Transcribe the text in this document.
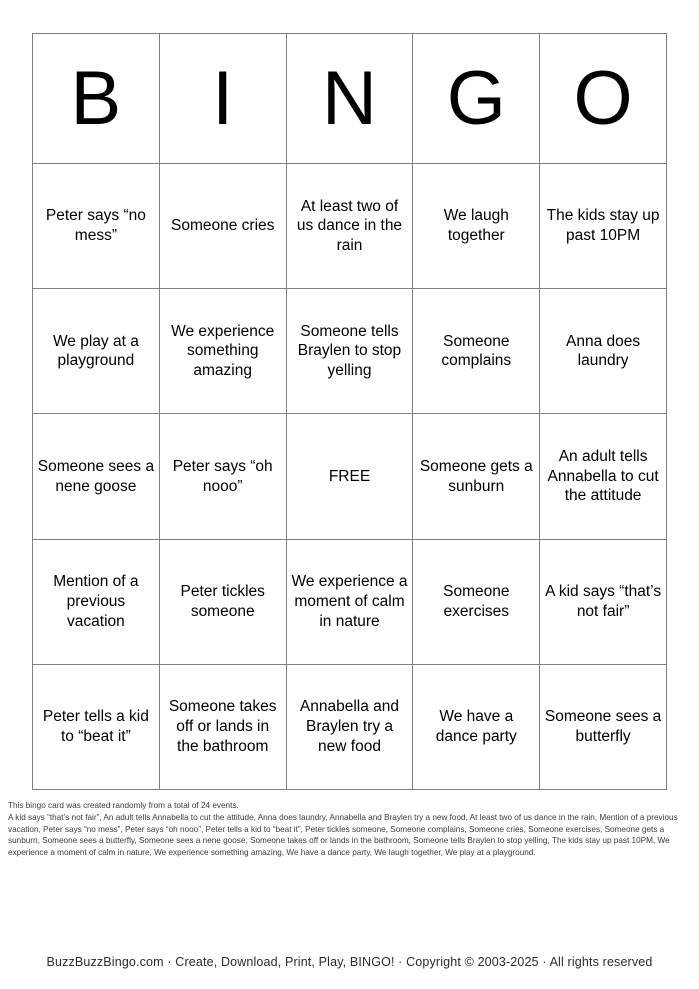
B	I	N	G	O
Peter says “no mess”	Someone cries	At least two of us dance in the rain	We laugh together	The kids stay up past 10PM
We play at a playground	We experience something amazing	Someone tells Braylen to stop yelling	Someone complains	Anna does laundry
Someone sees a nene goose	Peter says “oh nooo”	FREE	Someone gets a sunburn	An adult tells Annabella to cut the attitude
Mention of a previous vacation	Peter tickles someone	We experience a moment of calm in nature	Someone exercises	A kid says “that’s not fair”
Peter tells a kid to “beat it”	Someone takes off or lands in the bathroom	Annabella and Braylen try a new food	We have a dance party	Someone sees a butterfly
This bingo card was created randomly from a total of 24 events.
A kid says “that’s not fair”, An adult tells Annabella to cut the attitude, Anna does laundry, Annabella and Braylen try a new food, At least two of us dance in the rain, Mention of a previous vacation, Peter says “no mess”, Peter says “oh nooo”, Peter tells a kid to “beat it”, Peter tickles someone, Someone complains, Someone cries, Someone exercises, Someone gets a sunburn, Someone sees a butterfly, Someone sees a nene goose, Someone takes off or lands in the bathroom, Someone tells Braylen to stop yelling, The kids stay up past 10PM, We experience a moment of calm in nature, We experience something amazing, We have a dance party, We laugh together, We play at a playground.
BuzzBuzzBingo.com · Create, Download, Print, Play, BINGO! · Copyright © 2003-2025 · All rights reserved
